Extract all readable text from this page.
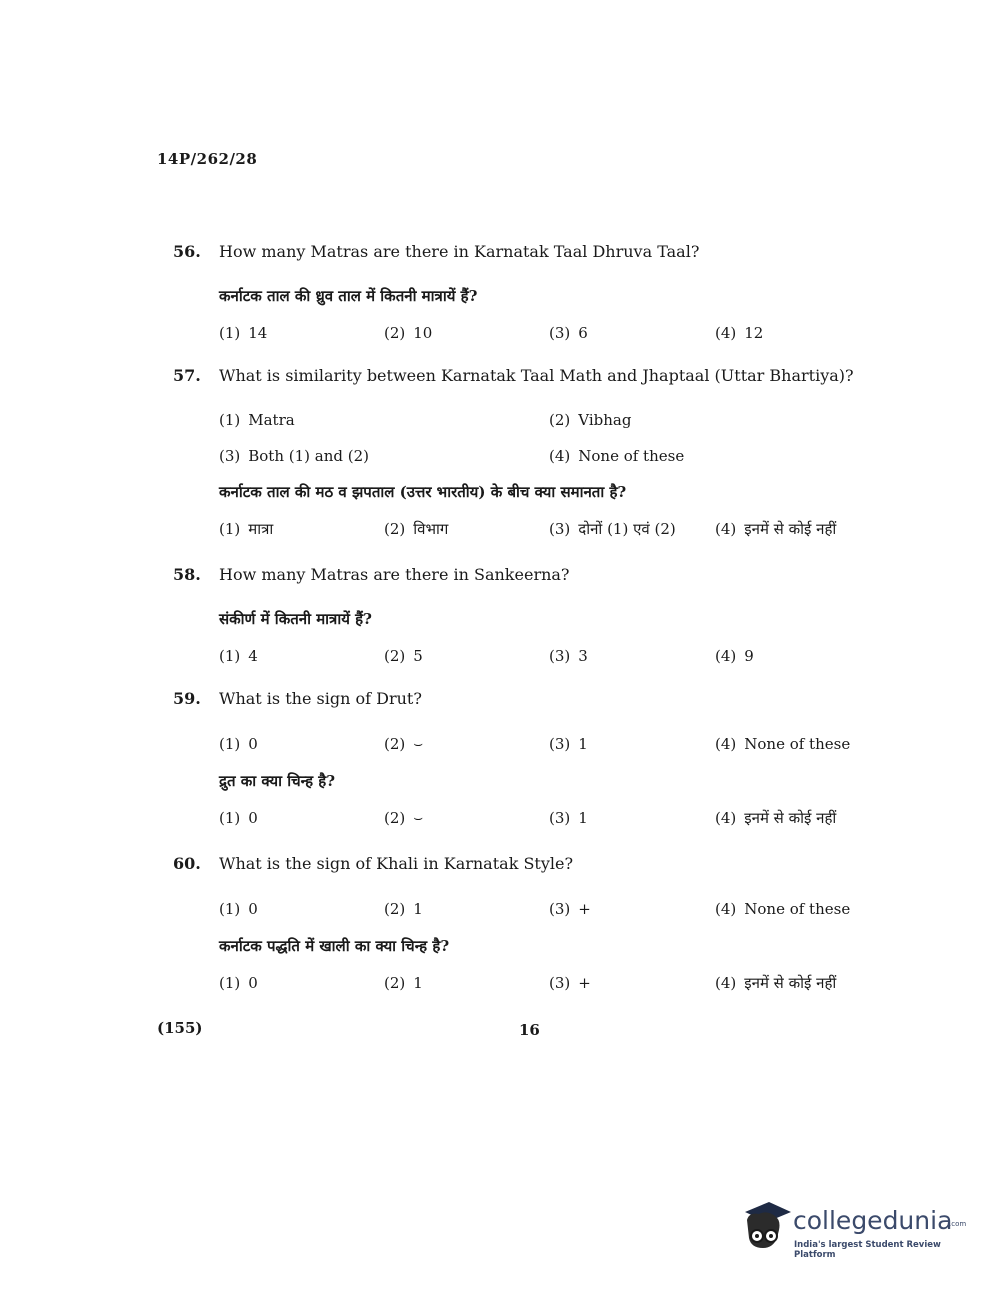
14P/262/28
56.	How many Matras are there in Karnatak Taal Dhruva Taal?
कर्नाटक ताल की ध्रुव ताल में कितनी मात्रायें हैं?
(1) 14	(2) 10	(3) 6	(4) 12
57.	What is similarity between Karnatak Taal Math and Jhaptaal (Uttar Bhartiya)?
(1) Matra	(2) Vibhag
(3) Both (1) and (2)	(4) None of these
कर्नाटक ताल की मठ व झपताल (उत्तर भारतीय) के बीच क्या समानता है?
(1) मात्रा	(2) विभाग	(3) दोनों (1) एवं (2)	(4) इनमें से कोई नहीं
58.	How many Matras are there in Sankeerna?
संकीर्ण में कितनी मात्रायें हैं?
(1) 4	(2) 5	(3) 3	(4) 9
59.	What is the sign of Drut?
(1) 0	(2) ⌣	(3) 1	(4) None of these
द्रुत का क्या चिन्ह है?
(1) 0	(2) ⌣	(3) 1	(4) इनमें से कोई नहीं
60.	What is the sign of Khali in Karnatak Style?
(1) 0	(2) 1	(3) +	(4) None of these
कर्नाटक पद्धति में खाली का क्या चिन्ह है?
(1) 0	(2) 1	(3) +	(4) इनमें से कोई नहीं
(155)	16
collegedunia
.com
India's largest Student Review Platform
